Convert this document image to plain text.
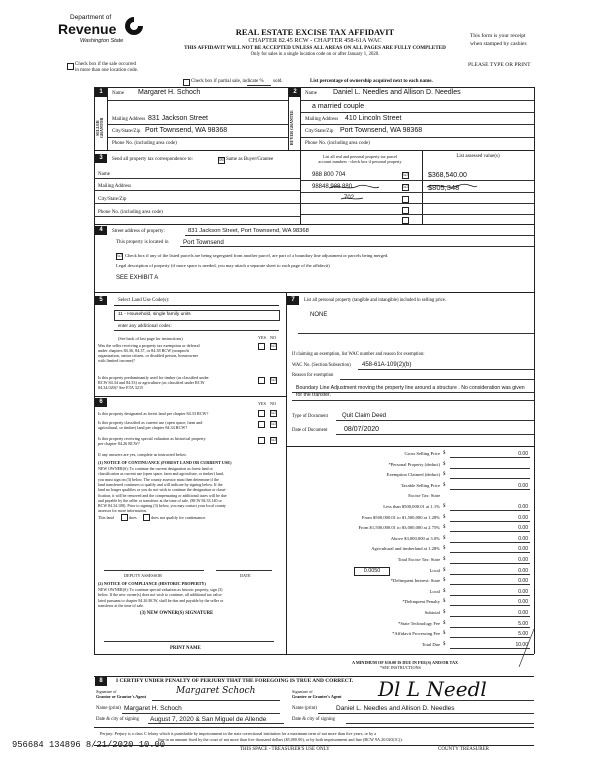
Department of
Revenue
Washington State
REAL ESTATE EXCISE TAX AFFIDAVIT
CHAPTER 82.45 RCW - CHAPTER 458-61A WAC
THIS AFFIDAVIT WILL NOT BE ACCEPTED UNLESS ALL AREAS ON ALL PAGES ARE FULLY COMPLETED
Only for sales in a single location code on or after January 1, 2020.
This form is your receipt
when stamped by cashier.
PLEASE TYPE OR PRINT
Check box if the sale occurred
in more than one location code.
Check box if partial sale, indicate % sold.	List percentage of ownership acquired next to each name.
1
SELLER GRANTOR
Name Margaret H. Schoch
Mailing Address 831 Jackson Street
City/State/Zip Port Townsend, WA 98368
Phone No. (including area code)
2
BUYER GRANTEE
Name Daniel L. Needles and Allison D. Needles
a married couple
Mailing Address 410 Lincoln Street
City/State/Zip Port Townsend, WA 98368
Phone No. (including area code)
3	Send all property tax correspondence to:	☒ Same as Buyer/Grantee
List all real and personal property tax parcel
account numbers - check box if personal property
List assessed value(s)
Name
Mailing Address
City/State/Zip
Phone No. (including area code)
988 800 704	☑	$368,540.00
98848 988 880	☑	$805,348
702
4	Street address of property:	831 Jackson Street, Port Townsend, WA 98368
This property is located in Port Townsend
☑ Check box if any of the listed parcels are being segregated from another parcel, are part of a boundary line adjustment or parcels being merged.
Legal description of property (if more space is needed, you may attach a separate sheet to each page of the affidavit)
SEE EXHIBIT A
5	Select Land Use Code(s):
11 - Household, single family units
enter any additional codes:
(See back of last page for instructions)	YES NO
Was the seller receiving a property tax exemption or deferral
under chapters 84.36, 84.37, or 84.38 RCW (nonprofit
organization, senior citizen, or disabled person, homeowner
with limited income)?
☑
Is this property predominantly used for timber (as classified under
RCW 84.34 and 84.33) or agriculture (as classified under RCW
84.34.020)? See ETA 3215
☑
6	YES NO
Is this property designated as forest land per chapter 84.33 RCW?	☑
Is this property classified as current use (open space, farm and
agricultural, or timber) land per chapter 84.34 RCW?
☑
Is this property receiving special valuation as historical property
per chapter 84.26 RCW?
☑
If any answers are yes, complete as instructed below.
(1) NOTICE OF CONTINUANCE (FOREST LAND OR CURRENT USE)
NEW OWNER(S): To continue the current designation as forest land or
classification as current use (open space, farm and agriculture, or timber) land,
you must sign on (3) below. The county assessor must then determine if the
land transferred continues to qualify and will indicate by signing below. If the
land no longer qualifies or you do not wish to continue the designation or classi-
fication, it will be removed and the compensating or additional taxes will be due
and payable by the seller or transferor at the time of sale. (RCW 84.33.140 or
RCW 84.34.108). Prior to signing (3) below, you may contact your local county
assessor for more information.
This land	does	does not qualify for continuance.
DEPUTY ASSESSOR	DATE
(2) NOTICE OF COMPLIANCE (HISTORIC PROPERTY)
NEW OWNER(S): To continue special valuation as historic property, sign (3)
below. If the new owner(s) does not wish to continue, all additional tax calcu-
lated pursuant to chapter 84.26 RCW, shall be due and payable by the seller or
transferor at the time of sale.
(3) NEW OWNER(S) SIGNATURE
PRINT NAME
7	List all personal property (tangible and intangible) included in selling price.
NONE
If claiming an exemption, list WAC number and reason for exemption:
WAC No. (Section/Subsection) 458-61A-109(2)(b)
Reason for exemption
Boundary Line Adjustment moving the property line around a structure . No consideration was given for the transfer.
Type of Document Quit Claim Deed
Date of Document 08/07/2020
Gross Selling Price $	0.00
*Personal Property (deduct) $
Exemption Claimed (deduct) $
Taxable Selling Price $	0.00
Excise Tax: State
Less than $500,000.01 at 1.1% $	0.00
From $500,000.01 to $1,500,000 at 1.28% $	0.00
From $1,500,000.01 to $3,000,000 at 2.75% $	0.00
Above $3,000,000 at 3.0% $	0.00
Agricultural and timberland at 1.28% $	0.00
Total Excise Tax: State $	0.00
Local $
0.0050	0.00
*Delinquent Interest: State $	0.00
Local $	0.00
*Delinquent Penalty $	0.00
Subtotal $	0.00
*State Technology Fee $	5.00
*Affidavit Processing Fee $	5.00
Total Due $	10.00
A MINIMUM OF $10.00 IS DUE IN FEE(S) AND/OR TAX
*SEE INSTRUCTIONS
8	I CERTIFY UNDER PENALTY OF PERJURY THAT THE FOREGOING IS TRUE AND CORRECT.
Signature of
Grantor or Grantor's Agent
Margaret Schoch
Name (print) Margaret H. Schoch
Date & city of signing August 7, 2020 & San Miguel de Allende
Signature of
Grantee or Grantee's Agent Dl L Needl
Name (print)	Daniel L. Needles and Allison D. Needles
Date & city of signing
Perjury: Perjury is a class C felony which is punishable by imprisonment in the state correctional institution for a maximum term of not more than five years, or by a
fine in an amount fixed by the court of not more than five thousand dollars ($5,000.00), or by both imprisonment and fine (RCW 9A.20.020(1C)).
956684 134896 8/21/2020 10.00	THIS SPACE - TREASURER'S USE ONLY	COUNTY TREASURER
